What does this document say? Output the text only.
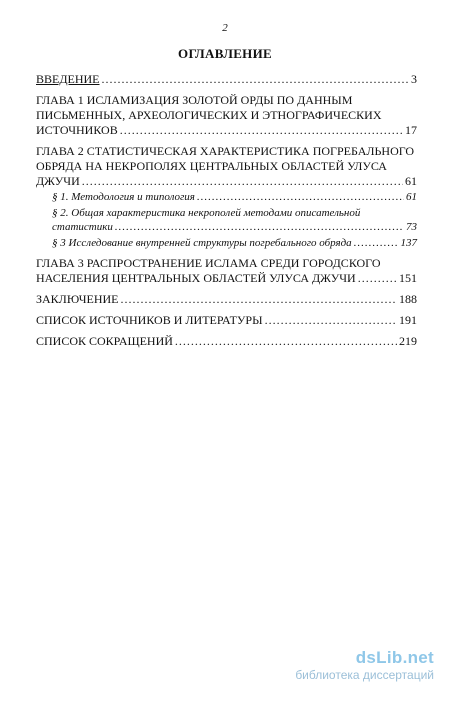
2
ОГЛАВЛЕНИЕ
ВВЕДЕНИЕ .....	3
ГЛАВА 1 ИСЛАМИЗАЦИЯ ЗОЛОТОЙ ОРДЫ ПО ДАННЫМ
ПИСЬМЕННЫХ, АРХЕОЛОГИЧЕСКИХ И ЭТНОГРАФИЧЕСКИХ
ИСТОЧНИКОВ .....	17
ГЛАВА 2 СТАТИСТИЧЕСКАЯ ХАРАКТЕРИСТИКА ПОГРЕБАЛЬНОГО
ОБРЯДА НА НЕКРОПОЛЯХ ЦЕНТРАЛЬНЫХ ОБЛАСТЕЙ УЛУСА
ДЖУЧИ .....	61
§ 1. Методология и типология .....	61
§ 2. Общая характеристика некрополей методами описательной
статистики .....	73
§ 3 Исследование внутренней структуры погребального обряда .....	137
ГЛАВА 3 РАСПРОСТРАНЕНИЕ ИСЛАМА СРЕДИ ГОРОДСКОГО
НАСЕЛЕНИЯ ЦЕНТРАЛЬНЫХ ОБЛАСТЕЙ УЛУСА ДЖУЧИ .....	151
ЗАКЛЮЧЕНИЕ .....	188
СПИСОК ИСТОЧНИКОВ И ЛИТЕРАТУРЫ .....	191
СПИСОК СОКРАЩЕНИЙ .....	219
dsLib.net
библиотека диссертаций
